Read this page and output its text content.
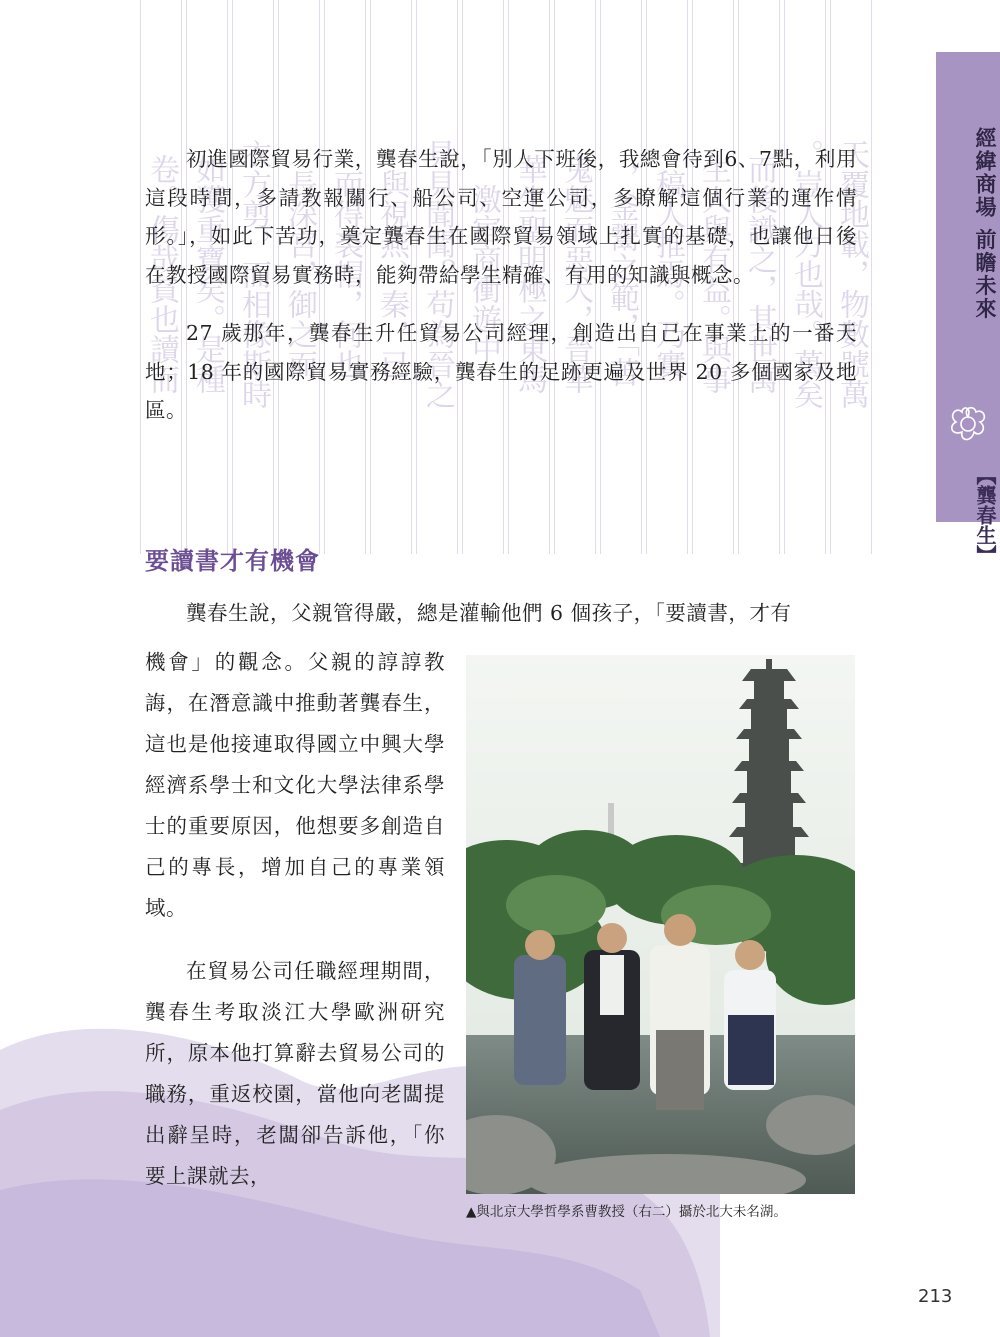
卷。傷哉貧也讀而 如獲重寶矣。是種 衣方剪，而相像斯時 長深宮，御之而 而得裘帽，何也 與視燕、秦，已 見見聞聞？苟為晉之 激宦商衝遊中 華生聖明極之東馬 鬼魅而惡犬，晉華 ，釜鬻之範，「苦 稿人推焉。乃實 生人與有益。與事 而後識之，其世萬 。豈人力也哉。萬矣 天覆地載，物數號萬	經緯商場 前瞻未來
【龔春生】

初進國際貿易行業，龔春生說，「別人下班後，我總會待到6、7點，利用這段時間，多請教報關行、船公司、空運公司，多瞭解這個行業的運作情形。」，如此下苦功，奠定龔春生在國際貿易領域上扎實的基礎，也讓他日後在教授國際貿易實務時，能夠帶給學生精確、有用的知識與概念。

27 歲那年，龔春生升任貿易公司經理，創造出自己在事業上的一番天地；18 年的國際貿易實務經驗，龔春生的足跡更遍及世界 20 多個國家及地區。

要讀書才有機會

龔春生說，父親管得嚴，總是灌輸他們 6 個孩子，「要讀書，才有

機會」的觀念。父親的諄諄教誨，在潛意識中推動著龔春生，這也是他接連取得國立中興大學經濟系學士和文化大學法律系學士的重要原因，他想要多創造自己的專長，增加自己的專業領域。

在貿易公司任職經理期間，龔春生考取淡江大學歐洲研究所，原本他打算辭去貿易公司的職務，重返校園，當他向老闆提出辭呈時，老闆卻告訴他，「你要上課就去，

▲與北京大學哲學系曹教授（右二）攝於北大未名湖。
213
